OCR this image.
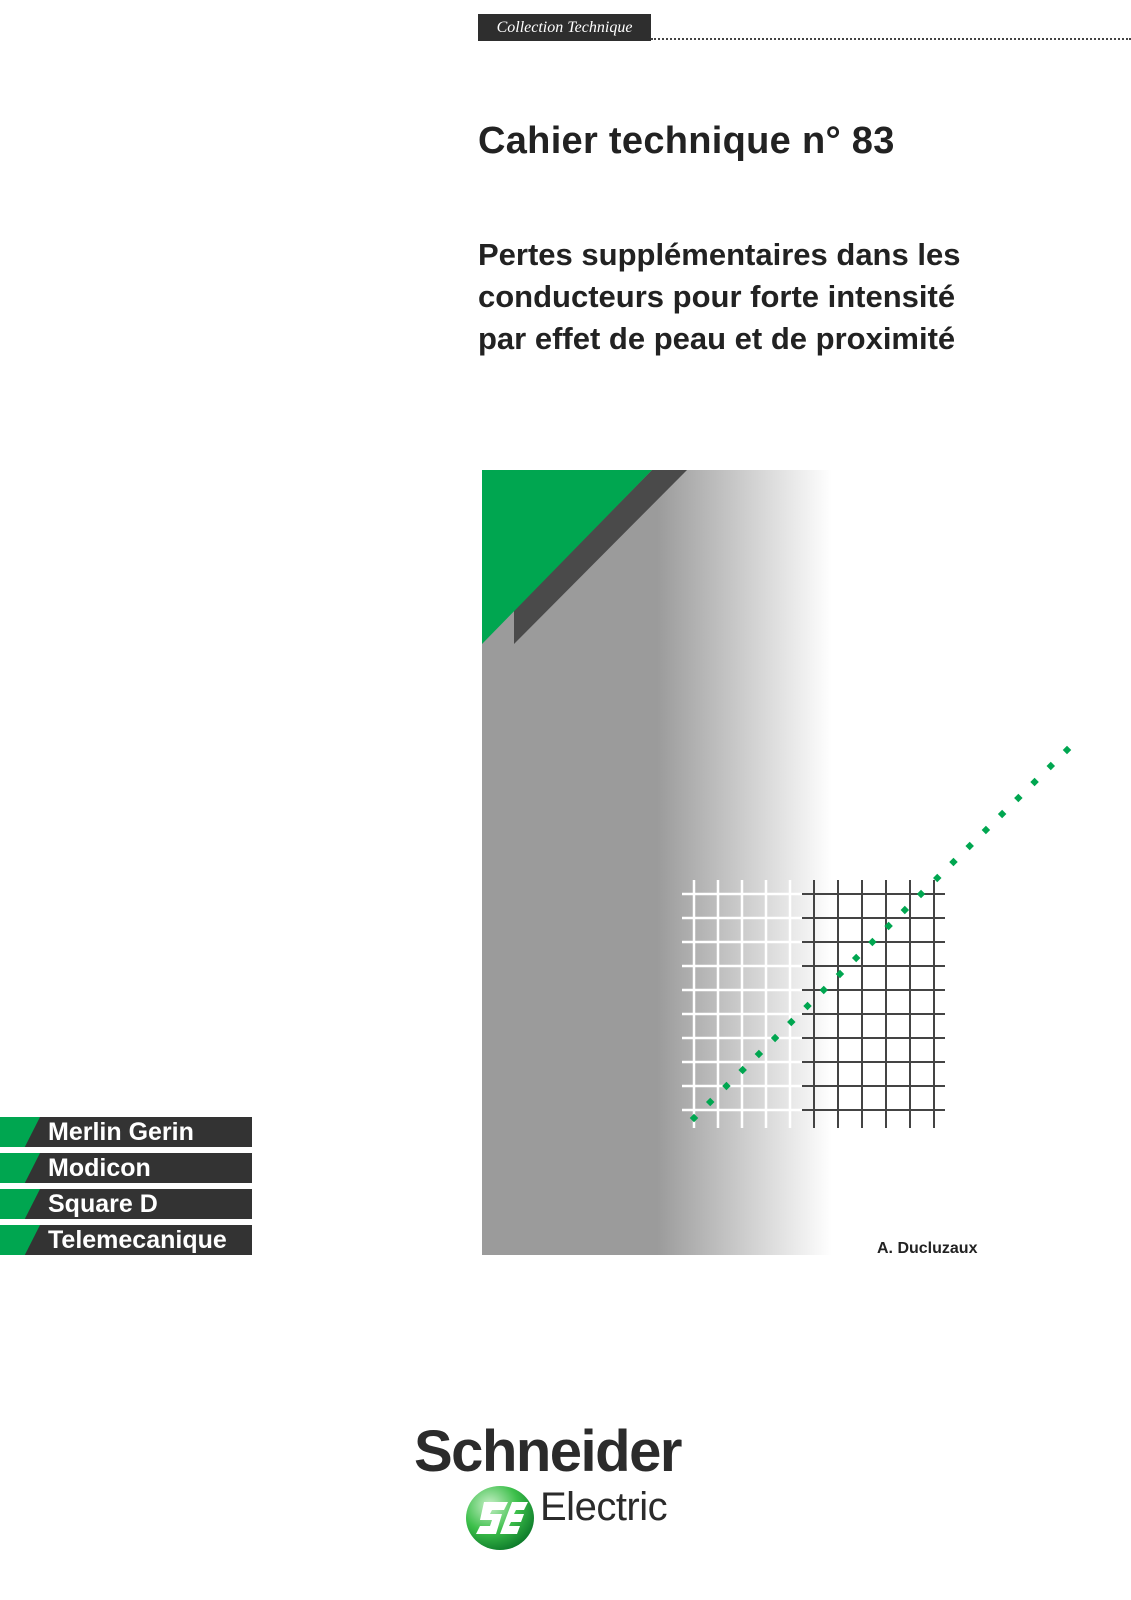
Collection Technique
Cahier technique n° 83
Pertes supplémentaires dans les
conducteurs pour forte intensité
par effet de peau et de proximité
A. Ducluzaux
Merlin Gerin
Modicon
Square D
Telemecanique
Schneider
Electric
